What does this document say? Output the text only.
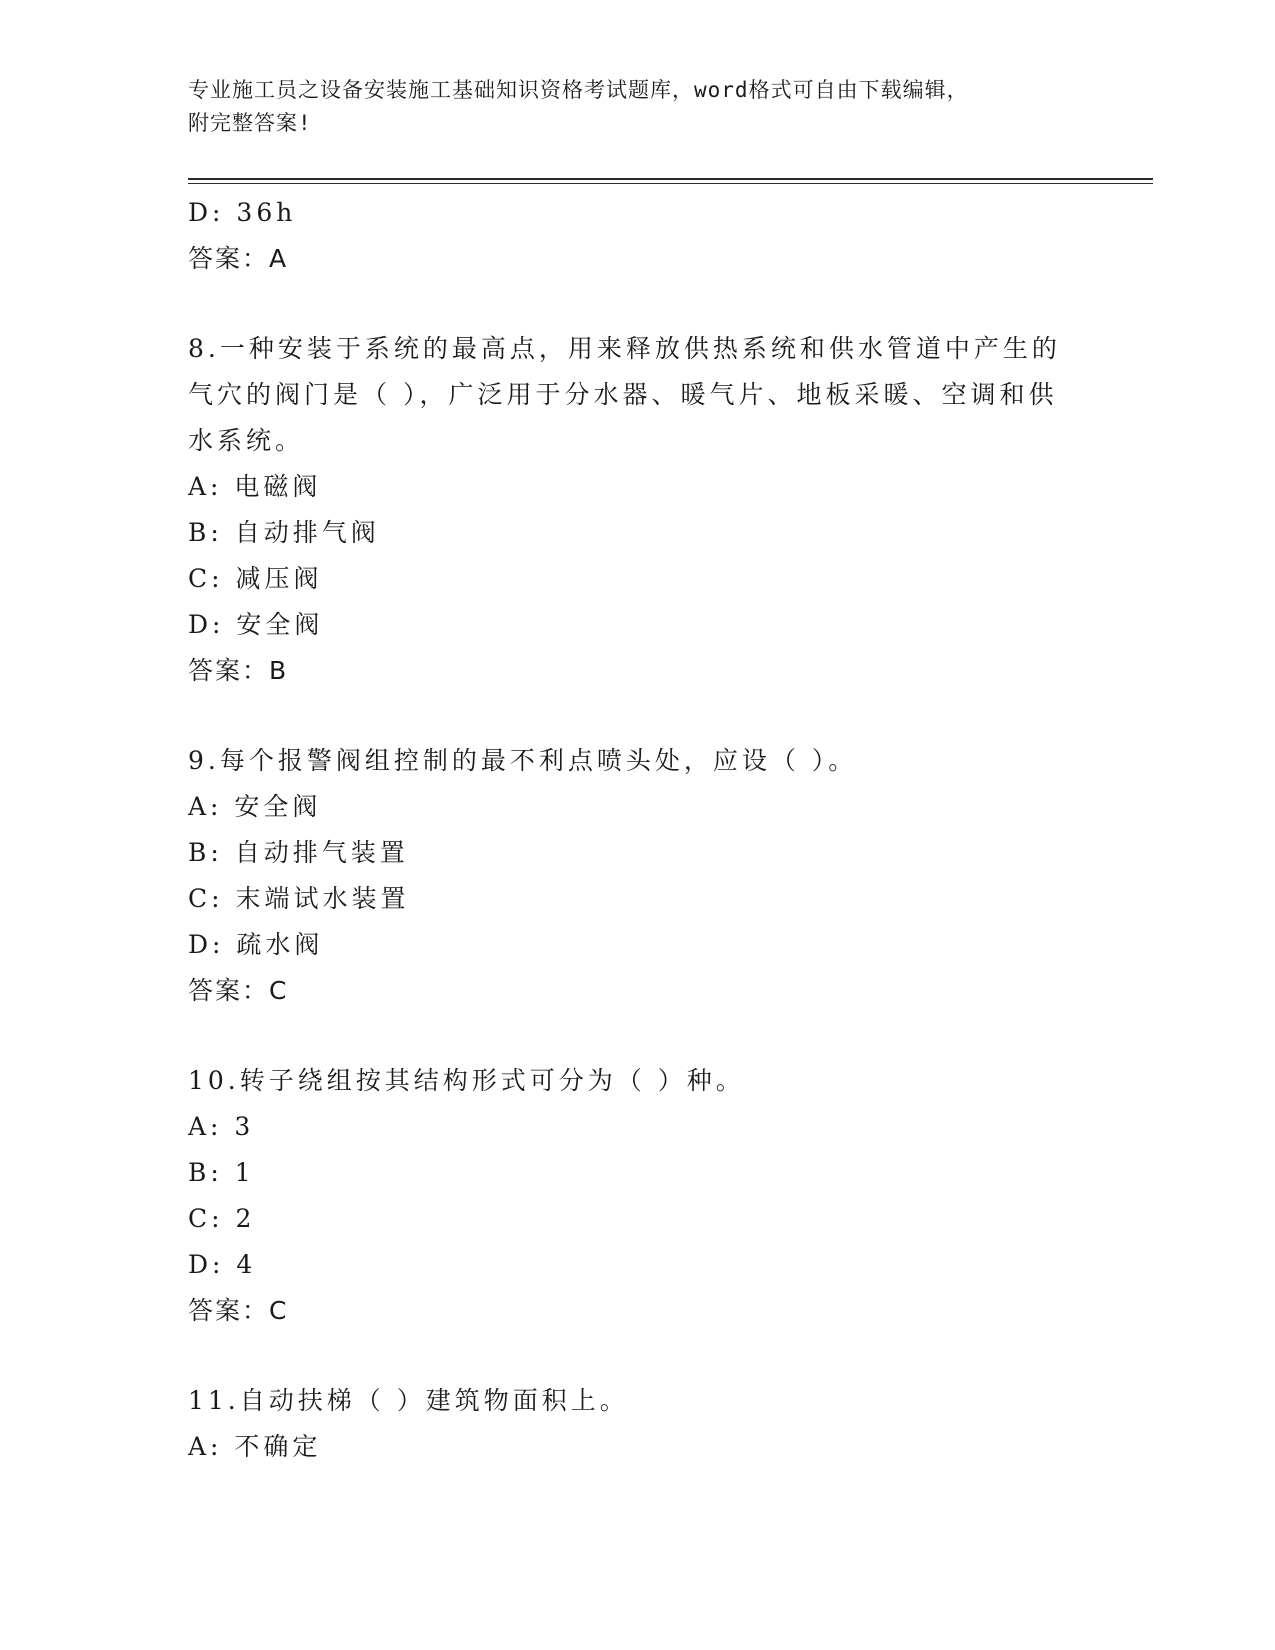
专业施工员之设备安装施工基础知识资格考试题库，word格式可自由下载编辑，
附完整答案!
D: 36h
答案：A
8.一种安装于系统的最高点，用来释放供热系统和供水管道中产生的
气穴的阀门是（ ），广泛用于分水器、暖气片、地板采暖、空调和供
水系统。
A: 电磁阀
B: 自动排气阀
C: 减压阀
D: 安全阀
答案：B
9.每个报警阀组控制的最不利点喷头处，应设（ ）。
A: 安全阀
B: 自动排气装置
C: 末端试水装置
D: 疏水阀
答案：C
10.转子绕组按其结构形式可分为（ ）种。
A: 3
B: 1
C: 2
D: 4
答案：C
11.自动扶梯（ ）建筑物面积上。
A: 不确定
